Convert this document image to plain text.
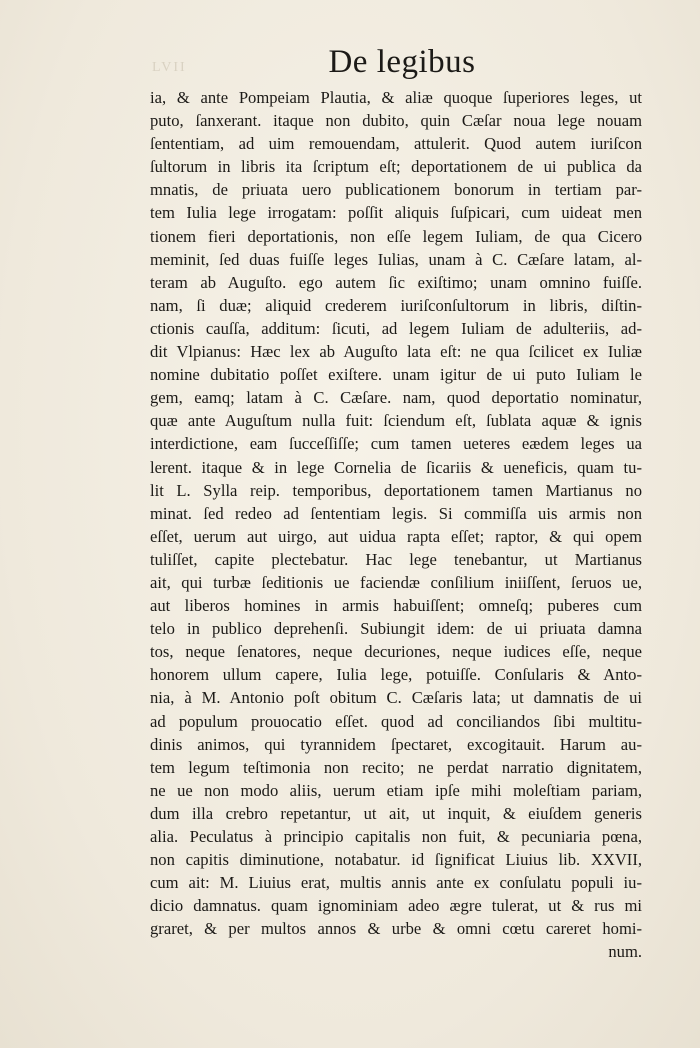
LVII	De legibus
ia, & ante Pompeiam Plautia, & aliæ quoque ſuperiores leges, ut
puto, ſanxerant. itaque non dubito, quin Cæſar noua lege nouam
ſententiam, ad uim remouendam, attulerit. Quod autem iuriſcon
ſultorum in libris ita ſcriptum eſt; deportationem de ui publica da
mnatis, de priuata uero publicationem bonorum in tertiam par-
tem Iulia lege irrogatam: poſſit aliquis ſuſpicari, cum uideat men
tionem fieri deportationis, non eſſe legem Iuliam, de qua Cicero
meminit, ſed duas fuiſſe leges Iulias, unam à C. Cæſare latam, al-
teram ab Auguſto. ego autem ſic exiſtimo; unam omnino fuiſſe.
nam, ſi duæ; aliquid crederem iuriſconſultorum in libris, diſtin-
ctionis cauſſa, additum: ſicuti, ad legem Iuliam de adulteriis, ad-
dit Vlpianus: Hæc lex ab Auguſto lata eſt: ne qua ſcilicet ex Iuliæ
nomine dubitatio poſſet exiſtere. unam igitur de ui puto Iuliam le
gem, eamq; latam à C. Cæſare. nam, quod deportatio nominatur,
quæ ante Auguſtum nulla fuit: ſciendum eſt, ſublata aquæ & ignis
interdictione, eam ſucceſſiſſe; cum tamen ueteres eædem leges ua
lerent. itaque & in lege Cornelia de ſicariis & ueneficis, quam tu-
lit L. Sylla reip. temporibus, deportationem tamen Martianus no
minat. ſed redeo ad ſententiam legis. Si commiſſa uis armis non
eſſet, uerum aut uirgo, aut uidua rapta eſſet; raptor, & qui opem
tuliſſet, capite plectebatur. Hac lege tenebantur, ut Martianus
ait, qui turbæ ſeditionis ue faciendæ conſilium iniiſſent, ſeruos ue,
aut liberos homines in armis habuiſſent; omneſq; puberes cum
telo in publico deprehenſi. Subiungit idem: de ui priuata damna
tos, neque ſenatores, neque decuriones, neque iudices eſſe, neque
honorem ullum capere, Iulia lege, potuiſſe. Conſularis & Anto-
nia, à M. Antonio poſt obitum C. Cæſaris lata; ut damnatis de ui
ad populum prouocatio eſſet. quod ad conciliandos ſibi multitu-
dinis animos, qui tyrannidem ſpectaret, excogitauit. Harum au-
tem legum teſtimonia non recito; ne perdat narratio dignitatem,
ne ue non modo aliis, uerum etiam ipſe mihi moleſtiam pariam,
dum illa crebro repetantur, ut ait, ut inquit, & eiuſdem generis
alia. Peculatus à principio capitalis non fuit, & pecuniaria pœna,
non capitis diminutione, notabatur. id ſignificat Liuius lib. XXVII,
cum ait: M. Liuius erat, multis annis ante ex conſulatu populi iu-
dicio damnatus. quam ignominiam adeo ægre tulerat, ut & rus mi
graret, & per multos annos & urbe & omni cœtu careret homi-
num.
